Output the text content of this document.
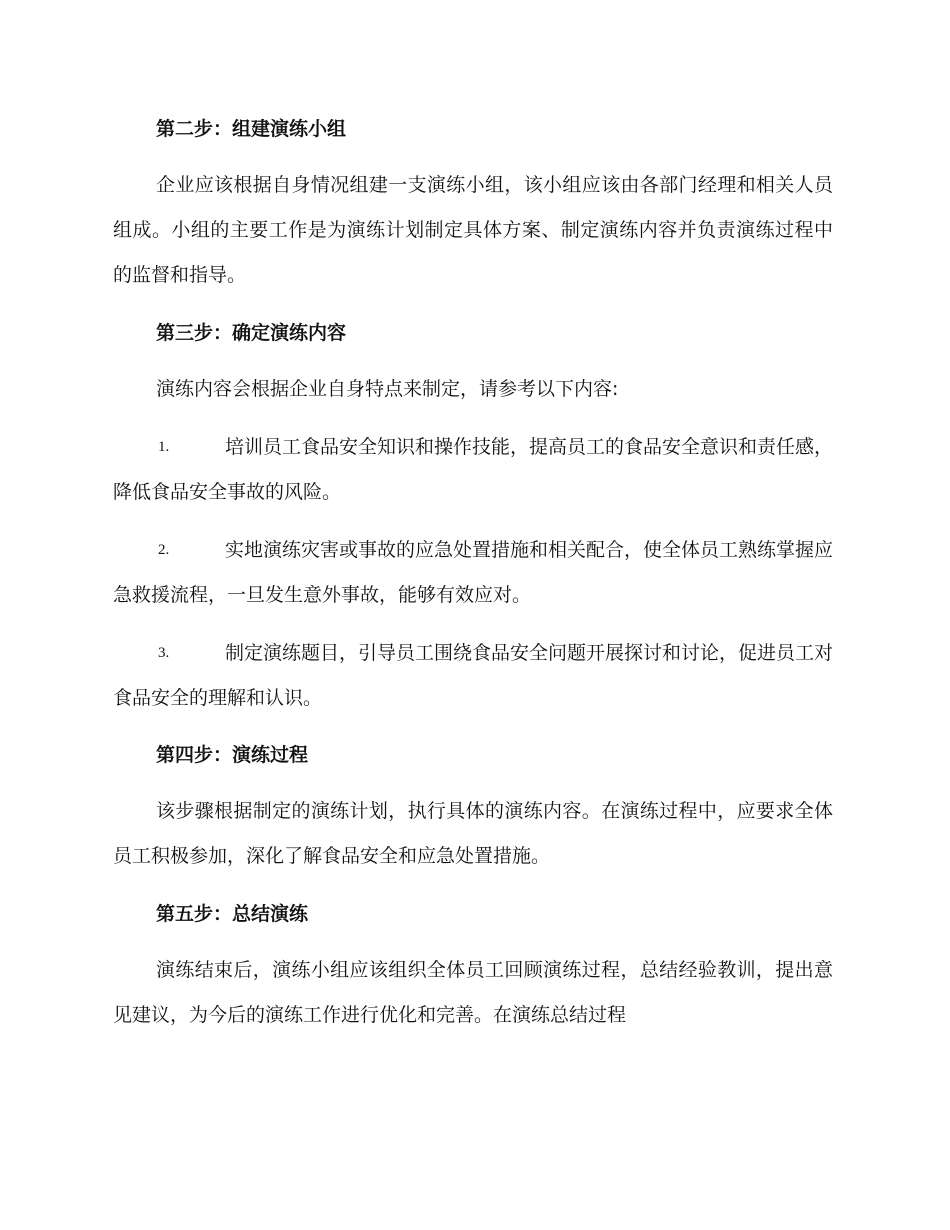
第二步：组建演练小组
企业应该根据自身情况组建一支演练小组，该小组应该由各部门经理和相关人员组成。小组的主要工作是为演练计划制定具体方案、制定演练内容并负责演练过程中的监督和指导。
第三步：确定演练内容
演练内容会根据企业自身特点来制定，请参考以下内容:
1.	培训员工食品安全知识和操作技能，提高员工的食品安全意识和责任感，降低食品安全事故的风险。
2.	实地演练灾害或事故的应急处置措施和相关配合，使全体员工熟练掌握应急救援流程，一旦发生意外事故，能够有效应对。
3.	制定演练题目，引导员工围绕食品安全问题开展探讨和讨论，促进员工对食品安全的理解和认识。
第四步：演练过程
该步骤根据制定的演练计划，执行具体的演练内容。在演练过程中，应要求全体员工积极参加，深化了解食品安全和应急处置措施。
第五步：总结演练
演练结束后，演练小组应该组织全体员工回顾演练过程，总结经验教训，提出意见建议，为今后的演练工作进行优化和完善。在演练总结过程
